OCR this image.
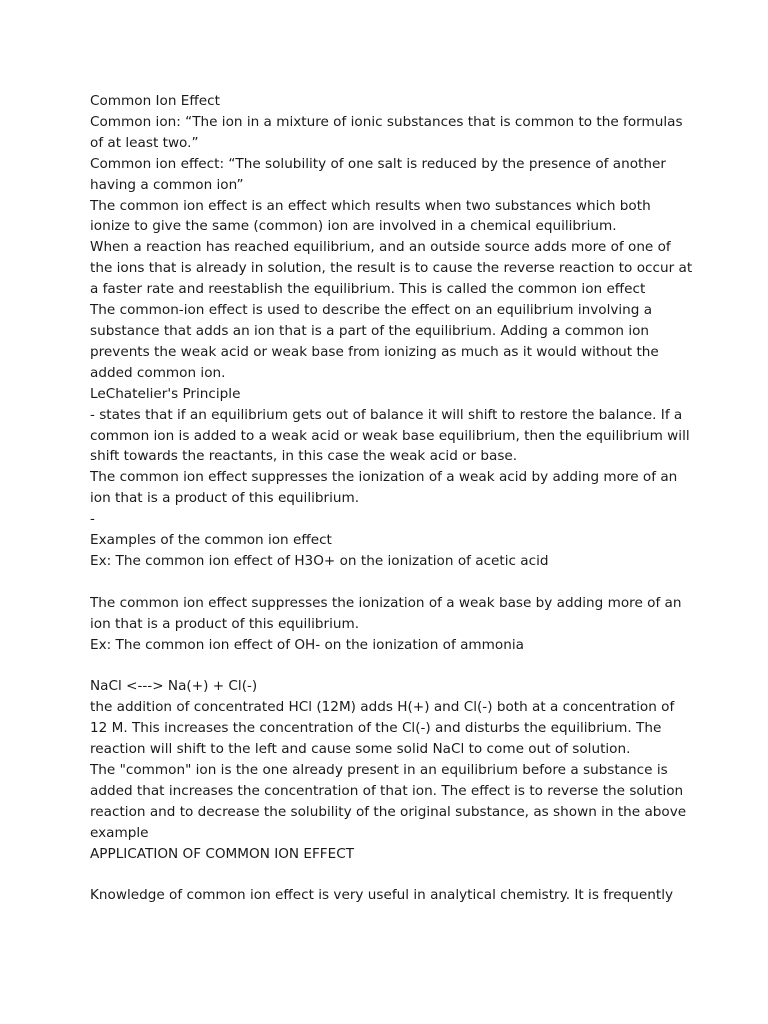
Common Ion Effect
Common ion: “The ion in a mixture of ionic substances that is common to the formulas
of at least two.”
Common ion effect: “The solubility of one salt is reduced by the presence of another
having a common ion”
The common ion effect is an effect which results when two substances which both
ionize to give the same (common) ion are involved in a chemical equilibrium.
When a reaction has reached equilibrium, and an outside source adds more of one of
the ions that is already in solution, the result is to cause the reverse reaction to occur at
a faster rate and reestablish the equilibrium. This is called the common ion effect
The common-ion effect is used to describe the effect on an equilibrium involving a
substance that adds an ion that is a part of the equilibrium. Adding a common ion
prevents the weak acid or weak base from ionizing as much as it would without the
added common ion.
LeChatelier's Principle
- states that if an equilibrium gets out of balance it will shift to restore the balance. If a
common ion is added to a weak acid or weak base equilibrium, then the equilibrium will
shift towards the reactants, in this case the weak acid or base.
The common ion effect suppresses the ionization of a weak acid by adding more of an
ion that is a product of this equilibrium.
-
Examples of the common ion effect
Ex: The common ion effect of H3O+ on the ionization of acetic acid
The common ion effect suppresses the ionization of a weak base by adding more of an
ion that is a product of this equilibrium.
Ex: The common ion effect of OH- on the ionization of ammonia
NaCl <---> Na(+) + Cl(-)
the addition of concentrated HCl (12M) adds H(+) and Cl(-) both at a concentration of
12 M. This increases the concentration of the Cl(-) and disturbs the equilibrium. The
reaction will shift to the left and cause some solid NaCl to come out of solution.
The "common" ion is the one already present in an equilibrium before a substance is
added that increases the concentration of that ion. The effect is to reverse the solution
reaction and to decrease the solubility of the original substance, as shown in the above
example
APPLICATION OF COMMON ION EFFECT
Knowledge of common ion effect is very useful in analytical chemistry. It is frequently
